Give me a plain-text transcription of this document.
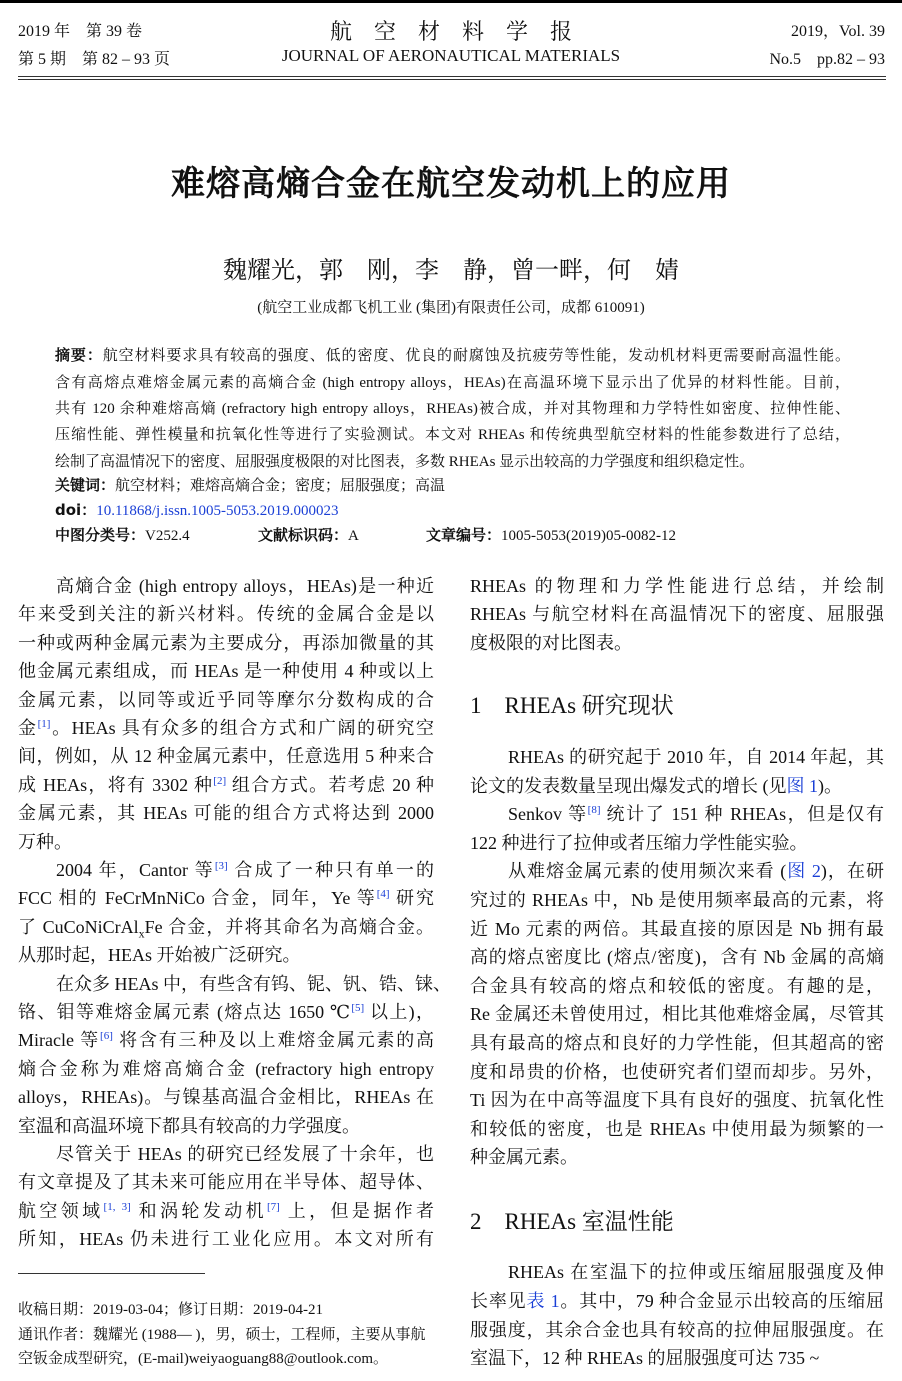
2019 年　第 39 卷
第 5 期　第 82 – 93 页
航　空　材　料　学　报
JOURNAL OF AERONAUTICAL MATERIALS
2019，Vol. 39
No.5　pp.82 – 93
难熔高熵合金在航空发动机上的应用
魏耀光，郭　刚，李　静，曾一畔，何　婧
(航空工业成都飞机工业 (集团)有限责任公司，成都 610091)
摘要：航空材料要求具有较高的强度、低的密度、优良的耐腐蚀及抗疲劳等性能，发动机材料更需要耐高温性能。
含有高熔点难熔金属元素的高熵合金 (high entropy alloys，HEAs)在高温环境下显示出了优异的材料性能。目前，
共有 120 余种难熔高熵 (refractory high entropy alloys，RHEAs)被合成，并对其物理和力学特性如密度、拉伸性能、
压缩性能、弹性模量和抗氧化性等进行了实验测试。本文对 RHEAs 和传统典型航空材料的性能参数进行了总结，
绘制了高温情况下的密度、屈服强度极限的对比图表，多数 RHEAs 显示出较高的力学强度和组织稳定性。
关键词：航空材料；难熔高熵合金；密度；屈服强度；高温
doi：10.11868/j.issn.1005-5053.2019.000023
中图分类号：V252.4	文献标识码：A	文章编号：1005-5053(2019)05-0082-12
高熵合金 (high entropy alloys，HEAs)是一种近
年来受到关注的新兴材料。传统的金属合金是以
一种或两种金属元素为主要成分，再添加微量的其
他金属元素组成，而 HEAs 是一种使用 4 种或以上
金属元素，以同等或近乎同等摩尔分数构成的合
金[1]。HEAs 具有众多的组合方式和广阔的研究空
间，例如，从 12 种金属元素中，任意选用 5 种来合
成 HEAs，将有 3302 种[2] 组合方式。若考虑 20 种
金属元素，其 HEAs 可能的组合方式将达到 2000
万种。
2004 年，Cantor 等[3] 合成了一种只有单一的
FCC 相的 FeCrMnNiCo 合金，同年，Ye 等[4] 研究
了 CuCoNiCrAl$_x$Fe 合金，并将其命名为高熵合金。
从那时起，HEAs 开始被广泛研究。
在众多 HEAs 中，有些含有钨、铌、钒、锆、铼、
铬、钼等难熔金属元素 (熔点达 1650 ℃[5] 以上)，
Miracle 等[6] 将含有三种及以上难熔金属元素的高
熵合金称为难熔高熵合金 (refractory high entropy
alloys，RHEAs)。与镍基高温合金相比，RHEAs 在
室温和高温环境下都具有较高的力学强度。
尽管关于 HEAs 的研究已经发展了十余年，也
有文章提及了其未来可能应用在半导体、超导体、
航空领域[1, 3] 和涡轮发动机[7] 上，但是据作者
所知，HEAs 仍未进行工业化应用。本文对所有
RHEAs 的物理和力学性能进行总结，并绘制
RHEAs 与航空材料在高温情况下的密度、屈服强
度极限的对比图表。
RHEAs 的研究起于 2010 年，自 2014 年起，其
论文的发表数量呈现出爆发式的增长 (见图 1)。
Senkov 等[8] 统计了 151 种 RHEAs，但是仅有
122 种进行了拉伸或者压缩力学性能实验。
从难熔金属元素的使用频次来看 (图 2)，在研
究过的 RHEAs 中，Nb 是使用频率最高的元素，将
近 Mo 元素的两倍。其最直接的原因是 Nb 拥有最
高的熔点密度比 (熔点/密度)，含有 Nb 金属的高熵
合金具有较高的熔点和较低的密度。有趣的是，
Re 金属还未曾使用过，相比其他难熔金属，尽管其
具有最高的熔点和良好的力学性能，但其超高的密
度和昂贵的价格，也使研究者们望而却步。另外，
Ti 因为在中高等温度下具有良好的强度、抗氧化性
和较低的密度，也是 RHEAs 中使用最为频繁的一
种金属元素。
RHEAs 在室温下的拉伸或压缩屈服强度及伸
长率见表 1。其中，79 种合金显示出较高的压缩屈
服强度，其余合金也具有较高的拉伸屈服强度。在
室温下，12 种 RHEAs 的屈服强度可达 735 ~
1　RHEAs 研究现状
2　RHEAs 室温性能
收稿日期：2019-03-04；修订日期：2019-04-21
通讯作者：魏耀光 (1988— )，男，硕士，工程师，主要从事航
空钣金成型研究，(E-mail)weiyaoguang88@outlook.com。
